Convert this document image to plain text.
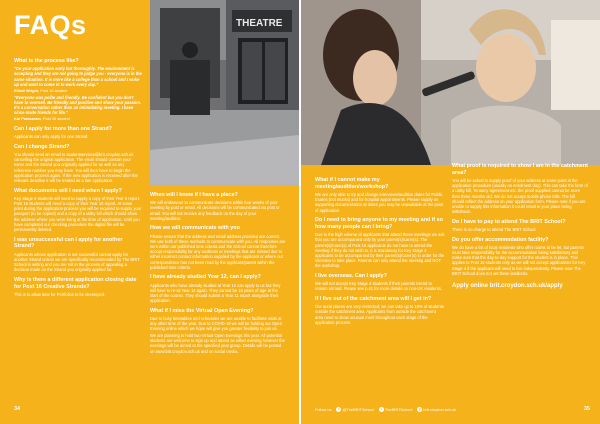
FAQs
What is the process like?
"Do your application early but thoroughly. The environment is accepting and they are not going to judge you - everyone is in the same situation. It is more like a college than a school and I woke up and want to come in to work every day."
Elliott Wright, Post 16 student
"Everyone was polite and friendly. Be confident but you don't have to oversell. Be friendly and positive and show your passion. It's a conversation rather than an intimidating meeting. I have since made friends for life."
Kai Patasaram, Post 16 student
Can I apply for more than one Strand?
Applicants can only apply for one Strand.
Can I change Strand?
You should send an email to studentservices@brit.croydon.sch.uk cancelling the original application. The email should contain your name and the Strand you originally applied for as well as any reference number you may have. You will then have to begin the application process again. If the new application is received after the relevant deadline it will be treated as a late application.
What documents will I need when I apply?
Key Stage 4 students will need to supply a copy of their Year 8 report. Post 16 students will need a copy of their Year 10 report. At some point during the application process you will be required to supply your passport (to be copied) and a copy of a utility bill which should show the address where you were living at the time of application. Until you have completed our checking procedure the digital file will be permanently deleted.
I was unsuccessful can I apply for another Strand?
Applicants whose application is not successful cannot apply for another Strand unless we are specifically recommended by The BRIT School in writing and you are not in the process of appealing a decision made on the Strand you originally applied for.
Why is there a different application closing date for Post 16 Creative Strands?
This is to allow time for Portfolios to be developed.
THEATRE
When will I know if I have a place?
We will endeavour to communicate decisions within four weeks of your meeting by post or email. All decisions will be communicated via post or email. You will not receive any feedback on the day of your meeting/audition.
How we will communicate with you
Please ensure that the address and email address provided are correct. We use both of these methods to communicate with you. All responses are sent within our published time criteria and the School cannot therefore accept responsibility for any auditions or meetings that are missed due to either incorrect contact information supplied by the applicant or where our correspondence has not been read by the applicant/parent within the published time criteria.
I have already studied Year 12, can I apply?
Applicants who have already studied at Year 12 can apply to us but they will have to re-sit Year 12 again. They cannot be 18 years of age at the start of the course. They should submit a Year 11 report alongside their application.
What if I miss the Virtual Open Evening?
Due to busy timetables and schedules we are unable to facilitate visits at any other time of the year. Due to COVID-19 we will be holding our Open Evening online which we hope will give you greater flexibility to join us.
We are planning to hold two Virtual Open Evenings this year. All potential students are welcome to sign up and attend as either evening however the evenings will be aimed at the specified year group. Details will be posted on www.brit.croydon.sch.uk and on social media.
34
What if I cannot make my meeting/audition/workshop?
We are only able to try and change interviews/audition dates for Public Exams (not mocks) and for hospital appointments. Please supply us supporting documentation at dates you may be unavailable at the point of application.
Do I need to bring anyone to my meeting and if so how many people can I bring?
Due to the high volume of applicants that attend these meetings we ask that you are accompanied only by your parent(s)/carer(s). The parent(s)/carer(s) of Post 16 applicants do not have to attend the meeting if they do not wish to. It is mandatory for Key Stage 4 applicants to be accompanied by their parent(s)/carer(s) in order for the interview to take place. Parents can only attend the meeting and NOT the workshop.
I live overseas. Can I apply?
We will not accept Key Stage 4 students if their parents intend to remain abroad. Please see p.41 for more details on non-UK residents.
If I live out of the catchment area will I get in?
Our aural places are very restricted; we can take up to 10% of students outside the catchment area. Applicants from outside the catchment area need to show unusual merit throughout each stage of the application process.
What proof is required to show I am in the catchment area?
You will be asked to supply proof of your address at some point in the application procedure (usually on enrolment day). This can take the form of a utility bill, Tenancy agreement etc. the proof supplied cannot be more than three months old. We do not accept mobile phone bills. The bill should reflect the address on your application form. Please note if you are unable to supply this information it could result in your place being withdrawn.
Do I have to pay to attend The BRIT School?
There is no charge to attend The BRIT School.
Do you offer accommodation facility?
We do have a list of local residents who offer rooms to be let, but parents must take responsibility for the accommodation being satisfactory and make sure that the day-to-day support for the student is in place. This applies to Post 16 students only as we will not accept applications for Key Stage 4 if the applicant will need to live independently. Please note The BRIT School does not vet these landlords.
Apply online brit.croydon.sch.uk/apply
Follow us	t @TheBRITSchool	i TheBRITSchool	y brit.croydon.sch.uk	35
